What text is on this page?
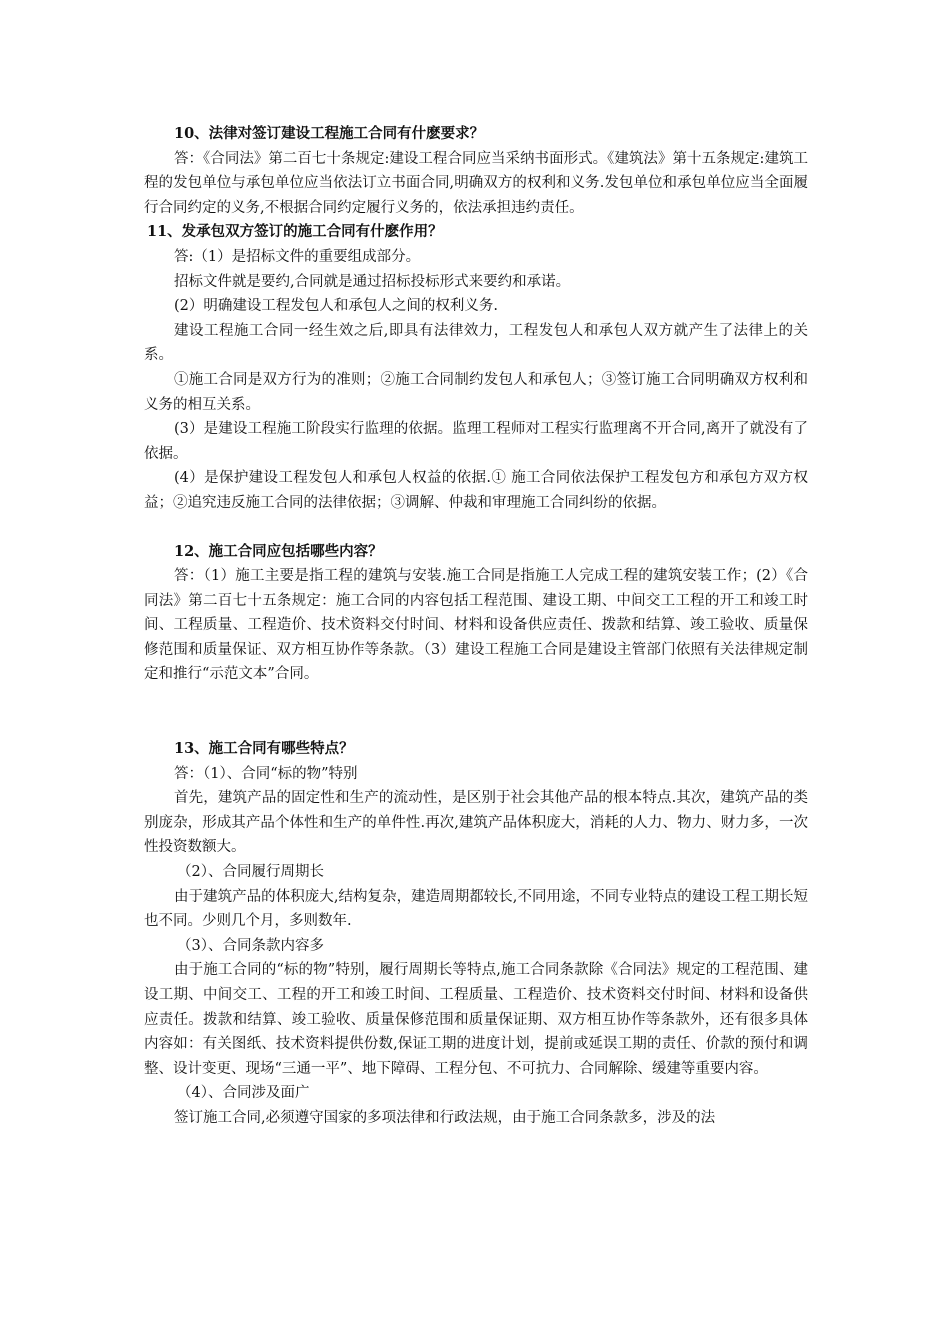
10、法律对签订建设工程施工合同有什麽要求？

答：《合同法》第二百七十条规定:建设工程合同应当采纳书面形式。《建筑法》第十五条规定:建筑工程的发包单位与承包单位应当依法订立书面合同,明确双方的权利和义务.发包单位和承包单位应当全面履行合同约定的义务,不根据合同约定履行义务的，依法承担违约责任。

11、发承包双方签订的施工合同有什麽作用？

答:（1）是招标文件的重要组成部分。

招标文件就是要约,合同就是通过招标投标形式来要约和承诺。

(2）明确建设工程发包人和承包人之间的权利义务.

建设工程施工合同一经生效之后,即具有法律效力，工程发包人和承包人双方就产生了法律上的关系。

①施工合同是双方行为的准则；②施工合同制约发包人和承包人；③签订施工合同明确双方权利和义务的相互关系。

(3）是建设工程施工阶段实行监理的依据。监理工程师对工程实行监理离不开合同,离开了就没有了依据。

(4）是保护建设工程发包人和承包人权益的依据.① 施工合同依法保护工程发包方和承包方双方权益；②追究违反施工合同的法律依据；③调解、仲裁和审理施工合同纠纷的依据。

12、施工合同应包括哪些内容？

答：（1）施工主要是指工程的建筑与安装.施工合同是指施工人完成工程的建筑安装工作；(2）《合同法》第二百七十五条规定：施工合同的内容包括工程范围、建设工期、中间交工工程的开工和竣工时间、工程质量、工程造价、技术资料交付时间、材料和设备供应责任、拨款和结算、竣工验收、质量保修范围和质量保证、双方相互协作等条款。（3）建设工程施工合同是建设主管部门依照有关法律规定制定和推行“示范文本”合同。

13、施工合同有哪些特点？

答：（1）、合同“标的物”特别

首先，建筑产品的固定性和生产的流动性，是区别于社会其他产品的根本特点.其次，建筑产品的类别庞杂，形成其产品个体性和生产的单件性.再次,建筑产品体积庞大，消耗的人力、物力、财力多，一次性投资数额大。

（2）、合同履行周期长

由于建筑产品的体积庞大,结构复杂，建造周期都较长,不同用途，不同专业特点的建设工程工期长短也不同。少则几个月，多则数年.

（3）、合同条款内容多

由于施工合同的“标的物”特别，履行周期长等特点,施工合同条款除《合同法》规定的工程范围、建设工期、中间交工、工程的开工和竣工时间、工程质量、工程造价、技术资料交付时间、材料和设备供应责任。拨款和结算、竣工验收、质量保修范围和质量保证期、双方相互协作等条款外，还有很多具体内容如：有关图纸、技术资料提供份数,保证工期的进度计划，提前或延误工期的责任、价款的预付和调整、设计变更、现场“三通一平”、地下障碍、工程分包、不可抗力、合同解除、缓建等重要内容。

（4）、合同涉及面广

签订施工合同,必须遵守国家的多项法律和行政法规，由于施工合同条款多，涉及的法
